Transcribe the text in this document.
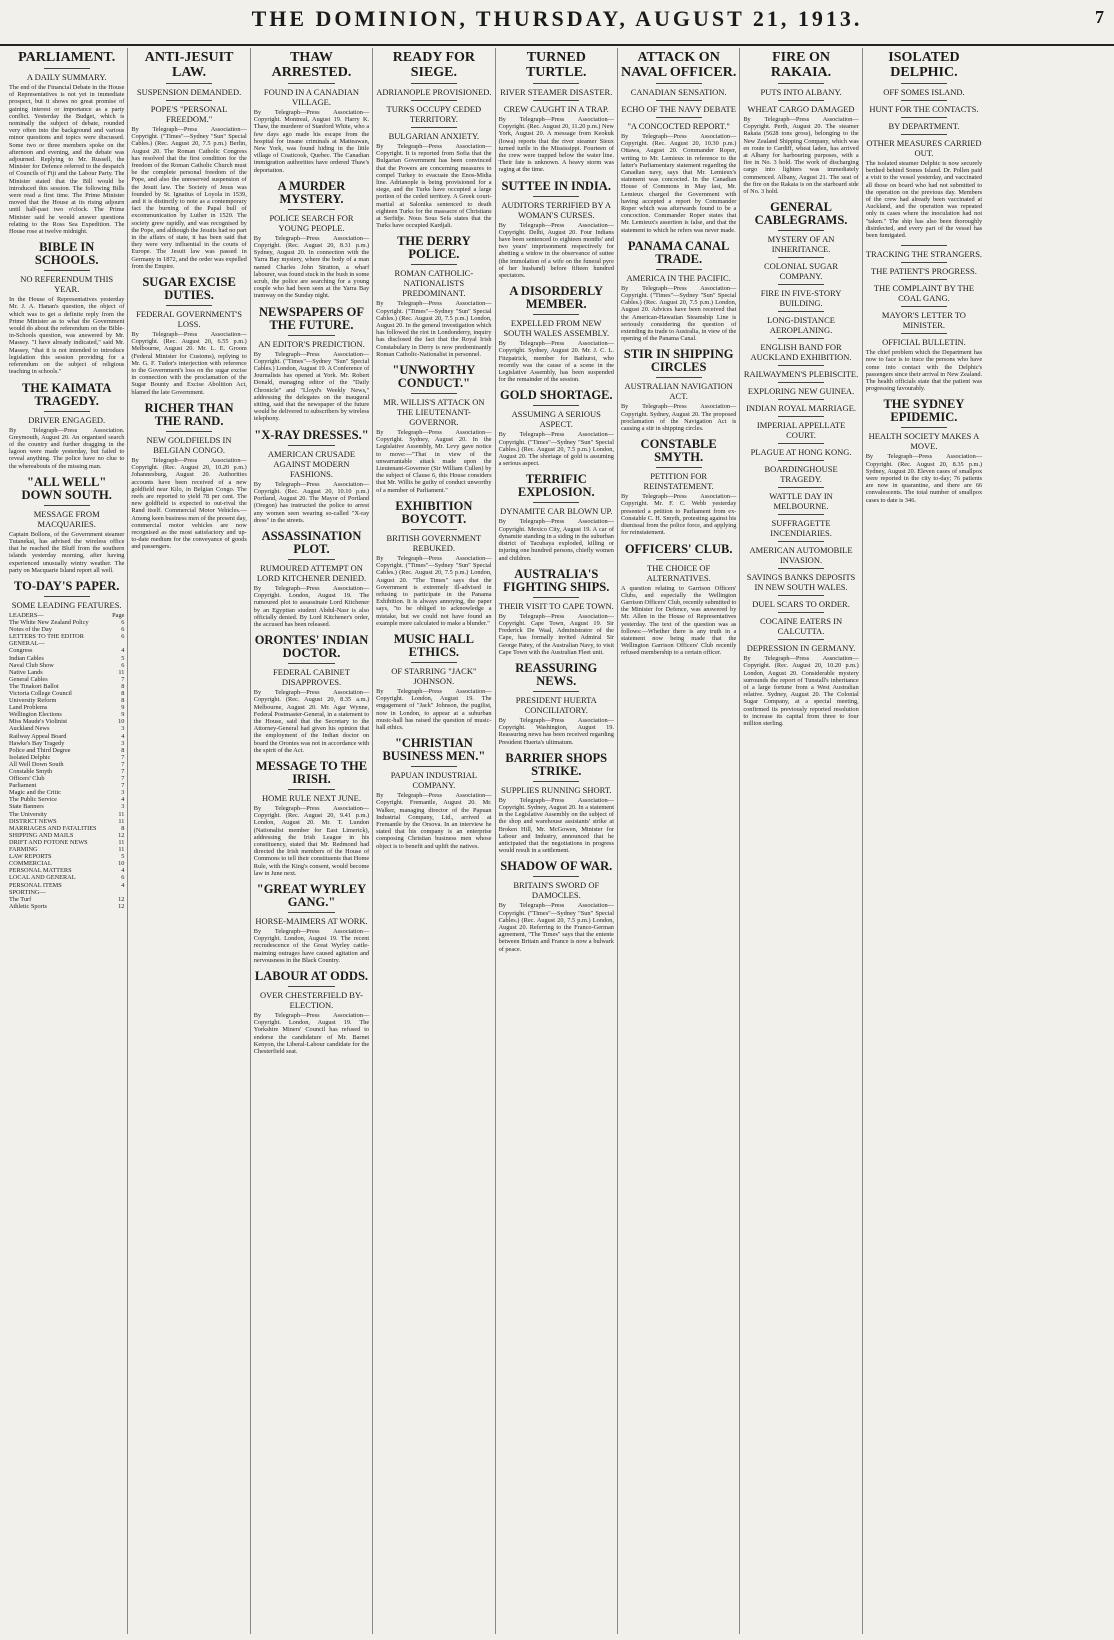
THE DOMINION, THURSDAY, AUGUST 21, 1913.	7
PARLIAMENT.
A DAILY SUMMARY.
The end of the Financial Debate in the House of Representatives is not yet in immediate prospect, but it shows no great promise of gaining interest or importance as a party conflict. Yesterday the Budget, which is nominally the subject of debate, rounded very often into the background and various minor questions and topics were discussed. Some two or three members spoke on the afternoon and evening, and the debate was adjourned. Replying to Mr. Russell, the Minister for Defence referred to the despatch of Councils of Fiji and the Labour Party. The Minister stated that the Bill would be introduced this session. The following Bills were read a first time. The Prime Minister moved that the House at its rising adjourn until half-past two o'clock. The Prime Minister said he would answer questions relating to the Ross Sea Expedition. The House rose at twelve midnight.
BIBLE IN SCHOOLS.
NO REFERENDUM THIS YEAR.
In the House of Representatives yesterday Mr. J. A. Hanan's question, the object of which was to get a definite reply from the Prime Minister as to what the Government would do about the referendum on the Bible-in-Schools question, was answered by Mr. Massey. "I have already indicated," said Mr. Massey, "that it is not intended to introduce legislation this session providing for a referendum on the subject of religious teaching in schools."
THE KAIMATA TRAGEDY.
DRIVER ENGAGED.
By Telegraph—Press Association. Greymouth, August 20. An organised search of the country and further dragging in the lagoon were made yesterday, but failed to reveal anything. The police have no clue to the whereabouts of the missing man.
"ALL WELL" DOWN SOUTH.
MESSAGE FROM MACQUARIES.
Captain Bollons, of the Government steamer Tutanekai, has advised the wireless office that he reached the Bluff from the southern islands yesterday morning, after having experienced unusually wintry weather. The party on Macquarie Island report all well.
TO-DAY'S PAPER.
SOME LEADING FEATURES.
LEADERS—	Page
The White New Zealand Policy	6
Notes of the Day	6
LETTERS TO THE EDITOR	6
GENERAL—
Congress	4
Indian Cables	5
Naval Club Show	6
Native Lands	11
General Cables	7
The Tinakori Ballot	8
Victoria College Council	8
University Reform	8
Land Problems	9
Wellington Elections	9
Miss Maude's Violinist	10
Auckland News	3
Railway Appeal Board	4
Hawke's Bay Tragedy	3
Police and Third Degree	8
Isolated Delphic	7
All Well Down South	7
Constable Smyth	7
Officers' Club	7
Parliament	7
Magic and the Critic	3
The Public Service	4
State Banners	3
The University	11
DISTRICT NEWS	11
MARRIAGES AND FATALITIES	8
SHIPPING AND MAILS	12
DRIFT AND FOTONE NEWS	11
FARMING	11
LAW REPORTS	5
COMMERCIAL	10
PERSONAL MATTERS	4
LOCAL AND GENERAL	6
PERSONAL ITEMS	4
SPORTING—
The Turf	12
Athletic Sports	12
ANTI-JESUIT LAW.
SUSPENSION DEMANDED.
POPE'S "PERSONAL FREEDOM."
By Telegraph—Press Association—Copyright. ("Times"—Sydney "Sun" Special Cables.) (Rec. August 20, 7.5 p.m.) Berlin, August 20. The Roman Catholic Congress has resolved that the first condition for the freedom of the Roman Catholic Church must be the complete personal freedom of the Pope, and also the unreserved suspension of the Jesuit law. The Society of Jesus was founded by St. Ignatius of Loyola in 1539, and it is distinctly to note as a contemporary fact the burning of the Papal bull of excommunication by Luther in 1520. The society grew rapidly, and was recognised by the Pope, and although the Jesuits had no part in the affairs of state, it has been said that they were very influential in the courts of Europe. The Jesuit law was passed in Germany in 1872, and the order was expelled from the Empire.
SUGAR EXCISE DUTIES.
FEDERAL GOVERNMENT'S LOSS.
By Telegraph—Press Association—Copyright. (Rec. August 20, 6.55 p.m.) Melbourne, August 20. Mr. L. E. Groom (Federal Minister for Customs), replying to Mr. G. F. Tudor's interjection with reference to the Government's loss on the sugar excise in connection with the proclamation of the Sugar Bounty and Excise Abolition Act, blamed the late Government.
RICHER THAN THE RAND.
NEW GOLDFIELDS IN BELGIAN CONGO.
By Telegraph—Press Association—Copyright. (Rec. August 20, 10.20 p.m.) Johannesburg, August 20. Authorities accounts have been received of a new goldfield near Kilo, in Belgian Congo. The reefs are reported to yield 78 per cent. The new goldfield is expected to out-rival the Rand itself. Commercial Motor Vehicles.—Among keen business men of the present day, commercial motor vehicles are now recognised as the most satisfactory and up-to-date medium for the conveyance of goods and passengers.
THAW ARRESTED.
FOUND IN A CANADIAN VILLAGE.
By Telegraph—Press Association—Copyright. Montreal, August 19. Harry K. Thaw, the murderer of Stanford White, who a few days ago made his escape from the hospital for insane criminals at Matteawan, New York, was found hiding in the little village of Coaticook, Quebec. The Canadian immigration authorities have ordered Thaw's deportation.
A MURDER MYSTERY.
POLICE SEARCH FOR YOUNG PEOPLE.
By Telegraph—Press Association—Copyright. (Rec. August 20, 8.31 p.m.) Sydney, August 20. In connection with the Yarra Bay mystery, where the body of a man named Charles John Stratton, a wharf labourer, was found stuck in the bush in some scrub, the police are searching for a young couple who had been seen at the Yarra Bay tramway on the Sunday night.
NEWSPAPERS OF THE FUTURE.
AN EDITOR'S PREDICTION.
By Telegraph—Press Association—Copyright. ("Times"—Sydney "Sun" Special Cables.) London, August 19. A Conference of Journalists has opened at York. Mr. Robert Donald, managing editor of the "Daily Chronicle" and "Lloyd's Weekly News," addressing the delegates on the inaugural sitting, said that the newspaper of the future would be delivered to subscribers by wireless telephony.
"X-RAY DRESSES."
AMERICAN CRUSADE AGAINST MODERN FASHIONS.
By Telegraph—Press Association—Copyright. (Rec. August 20, 10.10 p.m.) Portland, August 20. The Mayor of Portland (Oregon) has instructed the police to arrest any women seen wearing so-called "X-ray dress" in the streets.
ASSASSINATION PLOT.
RUMOURED ATTEMPT ON LORD KITCHENER DENIED.
By Telegraph—Press Association—Copyright. London, August 19. The rumoured plot to assassinate Lord Kitchener by an Egyptian student Abdul-Nasr is also officially denied. By Lord Kitchener's order, the accused has been released.
ORONTES' INDIAN DOCTOR.
FEDERAL CABINET DISAPPROVES.
By Telegraph—Press Association—Copyright. (Rec. August 20, 8.35 a.m.) Melbourne, August 20. Mr. Agar Wynne, Federal Postmaster-General, in a statement to the House, said that the Secretary to the Attorney-General had given his opinion that the employment of the Indian doctor on board the Orontes was not in accordance with the spirit of the Act.
MESSAGE TO THE IRISH.
HOME RULE NEXT JUNE.
By Telegraph—Press Association—Copyright. (Rec. August 20, 9.41 p.m.) London, August 20. Mr. T. Lundon (Nationalist member for East Limerick), addressing the Irish League in his constituency, stated that Mr. Redmond had directed the Irish members of the House of Commons to tell their constituents that Home Rule, with the King's consent, would become law in June next.
"GREAT WYRLEY GANG."
HORSE-MAIMERS AT WORK.
By Telegraph—Press Association—Copyright. London, August 19. The recent recrudescence of the Great Wyrley cattle-maiming outrages have caused agitation and nervousness in the Black Country.
LABOUR AT ODDS.
OVER CHESTERFIELD BY-ELECTION.
By Telegraph—Press Association—Copyright. London, August 19. The Yorkshire Miners' Council has refused to endorse the candidature of Mr. Barnet Kenyon, the Liberal-Labour candidate for the Chesterfield seat.
READY FOR SIEGE.
ADRIANOPLE PROVISIONED.
TURKS OCCUPY CEDED TERRITORY.
BULGARIAN ANXIETY.
By Telegraph—Press Association—Copyright. It is reported from Sofia that the Bulgarian Government has been convinced that the Powers are concerning measures to compel Turkey to evacuate the Enos-Midia line. Adrianople is being provisioned for a siege, and the Turks have occupied a large portion of the ceded territory. A Greek court-martial at Salonika sentenced to death eighteen Turks for the massacre of Christians at Serfidje. Nous Sous Sefa states that the Turks have occupied Kardjali.
THE DERRY POLICE.
ROMAN CATHOLIC-NATIONALISTS PREDOMINANT.
By Telegraph—Press Association—Copyright. ("Times"—Sydney "Sun" Special Cables.) (Rec. August 20, 7.5 p.m.) London, August 20. In the general investigation which has followed the riot in Londonderry, inquiry has disclosed the fact that the Royal Irish Constabulary in Derry is now predominantly Roman Catholic-Nationalist in personnel.
"UNWORTHY CONDUCT."
MR. WILLIS'S ATTACK ON THE LIEUTENANT-GOVERNOR.
By Telegraph—Press Association—Copyright. Sydney, August 20. In the Legislative Assembly, Mr. Levy gave notice to move:—"That in view of the unwarrantable attack made upon the Lieutenant-Governor (Sir William Cullen) by the subject of Clause 6, this House considers that Mr. Willis be guilty of conduct unworthy of a member of Parliament."
EXHIBITION BOYCOTT.
BRITISH GOVERNMENT REBUKED.
By Telegraph—Press Association—Copyright. ("Times"—Sydney "Sun" Special Cables.) (Rec. August 20, 7.5 p.m.) London, August 20. "The Times" says that the Government is extremely ill-advised in refusing to participate in the Panama Exhibition. It is always annoying, the paper says, "to be obliged to acknowledge a mistake, but we could not have found an example more calculated to make a blunder."
MUSIC HALL ETHICS.
OF STARRING "JACK" JOHNSON.
By Telegraph—Press Association—Copyright. London, August 19. The engagement of "Jack" Johnson, the pugilist, now in London, to appear at a suburban music-hall has raised the question of music-hall ethics.
"CHRISTIAN BUSINESS MEN."
PAPUAN INDUSTRIAL COMPANY.
By Telegraph—Press Association—Copyright. Fremantle, August 20. Mr. Walker, managing director of the Papuan Industrial Company, Ltd., arrived at Fremantle by the Orsova. In an interview he stated that his company is an enterprise composing Christian business men whose object is to benefit and uplift the natives.
TURNED TURTLE.
RIVER STEAMER DISASTER.
CREW CAUGHT IN A TRAP.
By Telegraph—Press Association—Copyright. (Rec. August 20, 11.20 p.m.) New York, August 20. A message from Keokuk (Iowa) reports that the river steamer Sieux turned turtle in the Mississippi. Fourteen of the crew were trapped below the water line. Their fate is unknown. A heavy storm was raging at the time.
SUTTEE IN INDIA.
AUDITORS TERRIFIED BY A WOMAN'S CURSES.
By Telegraph—Press Association—Copyright. Delhi, August 20. Four Indians have been sentenced to eighteen months' and two years' imprisonment respectively for abetting a widow in the observance of suttee (the immolation of a wife on the funeral pyre of her husband) before fifteen hundred spectators.
A DISORDERLY MEMBER.
EXPELLED FROM NEW SOUTH WALES ASSEMBLY.
By Telegraph—Press Association—Copyright. Sydney, August 20. Mr. J. C. L. Fitzpatrick, member for Bathurst, who recently was the cause of a scene in the Legislative Assembly, has been suspended for the remainder of the session.
GOLD SHORTAGE.
ASSUMING A SERIOUS ASPECT.
By Telegraph—Press Association—Copyright. ("Times"—Sydney "Sun" Special Cables.) (Rec. August 20, 7.5 p.m.) London, August 20. The shortage of gold is assuming a serious aspect.
TERRIFIC EXPLOSION.
DYNAMITE CAR BLOWN UP.
By Telegraph—Press Association—Copyright. Mexico City, August 19. A car of dynamite standing in a siding in the suburban district of Tacubaya exploded, killing or injuring one hundred persons, chiefly women and children.
AUSTRALIA'S FIGHTING SHIPS.
THEIR VISIT TO CAPE TOWN.
By Telegraph—Press Association—Copyright. Cape Town, August 19. Sir Frederick De Waal, Administrator of the Cape, has formally invited Admiral Sir George Patey, of the Australian Navy, to visit Cape Town with the Australian Fleet unit.
REASSURING NEWS.
PRESIDENT HUERTA CONCILIATORY.
By Telegraph—Press Association—Copyright. Washington, August 19. Reassuring news has been received regarding President Huerta's ultimatum.
BARRIER SHOPS STRIKE.
SUPPLIES RUNNING SHORT.
By Telegraph—Press Association—Copyright. Sydney, August 20. In a statement in the Legislative Assembly on the subject of the shop and warehouse assistants' strike at Broken Hill, Mr. McGowen, Minister for Labour and Industry, announced that he anticipated that the negotiations in progress would result in a settlement.
SHADOW OF WAR.
BRITAIN'S SWORD OF DAMOCLES.
By Telegraph—Press Association—Copyright. ("Times"—Sydney "Sun" Special Cables.) (Rec. August 20, 7.5 p.m.) London, August 20. Referring to the Franco-German agreement, "The Times" says that the entente between Britain and France is now a bulwark of peace.
ATTACK ON NAVAL OFFICER.
CANADIAN SENSATION.
ECHO OF THE NAVY DEBATE
"A CONCOCTED REPORT."
By Telegraph—Press Association—Copyright. (Rec. August 20, 10.30 p.m.) Ottawa, August 20. Commander Roper, writing to Mr. Lemieux in reference to the latter's Parliamentary statement regarding the Canadian navy, says that Mr. Lemieux's statement was concocted. In the Canadian House of Commons in May last, Mr. Lemieux charged the Government with having accepted a report by Commander Roper which was afterwards found to be a concoction. Commander Roper states that Mr. Lemieux's assertion is false, and that the statement to which he refers was never made.
PANAMA CANAL TRADE.
AMERICA IN THE PACIFIC.
By Telegraph—Press Association—Copyright. ("Times"—Sydney "Sun" Special Cables.) (Rec. August 20, 7.5 p.m.) London, August 20. Advices have been received that the American-Hawaiian Steamship Line is seriously considering the question of extending its trade to Australia, in view of the opening of the Panama Canal.
STIR IN SHIPPING CIRCLES
AUSTRALIAN NAVIGATION ACT.
By Telegraph—Press Association—Copyright. Sydney, August 20. The proposed proclamation of the Navigation Act is causing a stir in shipping circles.
CONSTABLE SMYTH.
PETITION FOR REINSTATEMENT.
By Telegraph—Press Association—Copyright. Mr. F. C. Webb yesterday presented a petition to Parliament from ex-Constable C. H. Smyth, protesting against his dismissal from the police force, and applying for reinstatement.
OFFICERS' CLUB.
THE CHOICE OF ALTERNATIVES.
A question relating to Garrison Officers' Clubs, and especially the Wellington Garrison Officers' Club, recently submitted to the Minister for Defence, was answered by Mr. Allen in the House of Representatives yesterday. The text of the question was as follows:—Whether there is any truth in a statement now being made that the Wellington Garrison Officers' Club recently refused membership to a certain officer.
FIRE ON RAKAIA.
PUTS INTO ALBANY.
WHEAT CARGO DAMAGED
By Telegraph—Press Association—Copyright. Perth, August 20. The steamer Rakaia (5628 tons gross), belonging to the New Zealand Shipping Company, which was en route to Cardiff, wheat laden, has arrived at Albany for harbouring purposes, with a fire in No. 3 hold. The work of discharging cargo into lighters was immediately commenced. Albany, August 21. The seat of the fire on the Rakaia is on the starboard side of No. 3 hold.
GENERAL CABLEGRAMS.
MYSTERY OF AN INHERITANCE.
COLONIAL SUGAR COMPANY.
FIRE IN FIVE-STORY BUILDING.
LONG-DISTANCE AEROPLANING.
ENGLISH BAND FOR AUCKLAND EXHIBITION.
RAILWAYMEN'S PLEBISCITE.
EXPLORING NEW GUINEA.
INDIAN ROYAL MARRIAGE.
IMPERIAL APPELLATE COURT.
PLAGUE AT HONG KONG.
BOARDINGHOUSE TRAGEDY.
WATTLE DAY IN MELBOURNE.
SUFFRAGETTE INCENDIARIES.
AMERICAN AUTOMOBILE INVASION.
SAVINGS BANKS DEPOSITS IN NEW SOUTH WALES.
DUEL SCARS TO ORDER.
COCAINE EATERS IN CALCUTTA.
DEPRESSION IN GERMANY.
By Telegraph—Press Association—Copyright. (Rec. August 20, 10.20 p.m.) London, August 20. Considerable mystery surrounds the report of Tunstall's inheritance of a large fortune from a West Australian relative. Sydney, August 20. The Colonial Sugar Company, at a special meeting, confirmed its previously reported resolution to increase its capital from three to four million sterling.
ISOLATED DELPHIC.
OFF SOMES ISLAND.
HUNT FOR THE CONTACTS.
BY DEPARTMENT.
OTHER MEASURES CARRIED OUT.
The isolated steamer Delphic is now securely berthed behind Somes Island. Dr. Pollen paid a visit to the vessel yesterday, and vaccinated all those on board who had not submitted to the operation on the previous day. Members of the crew had already been vaccinated at Auckland, and the operation was repeated only in cases where the inoculation had not "taken." The ship has also been thoroughly disinfected, and every part of the vessel has been fumigated.
TRACKING THE STRANGERS.
THE PATIENT'S PROGRESS.
THE COMPLAINT BY THE COAL GANG.
MAYOR'S LETTER TO MINISTER.
OFFICIAL BULLETIN.
The chief problem which the Department has now to face is to trace the persons who have come into contact with the Delphic's passengers since their arrival in New Zealand. The health officials state that the patient was progressing favourably.
THE SYDNEY EPIDEMIC.
HEALTH SOCIETY MAKES A MOVE.
By Telegraph—Press Association—Copyright. (Rec. August 20, 8.35 p.m.) Sydney, August 20. Eleven cases of smallpox were reported in the city to-day; 76 patients are now in quarantine, and there are 66 convalescents. The total number of smallpox cases to date is 346.
